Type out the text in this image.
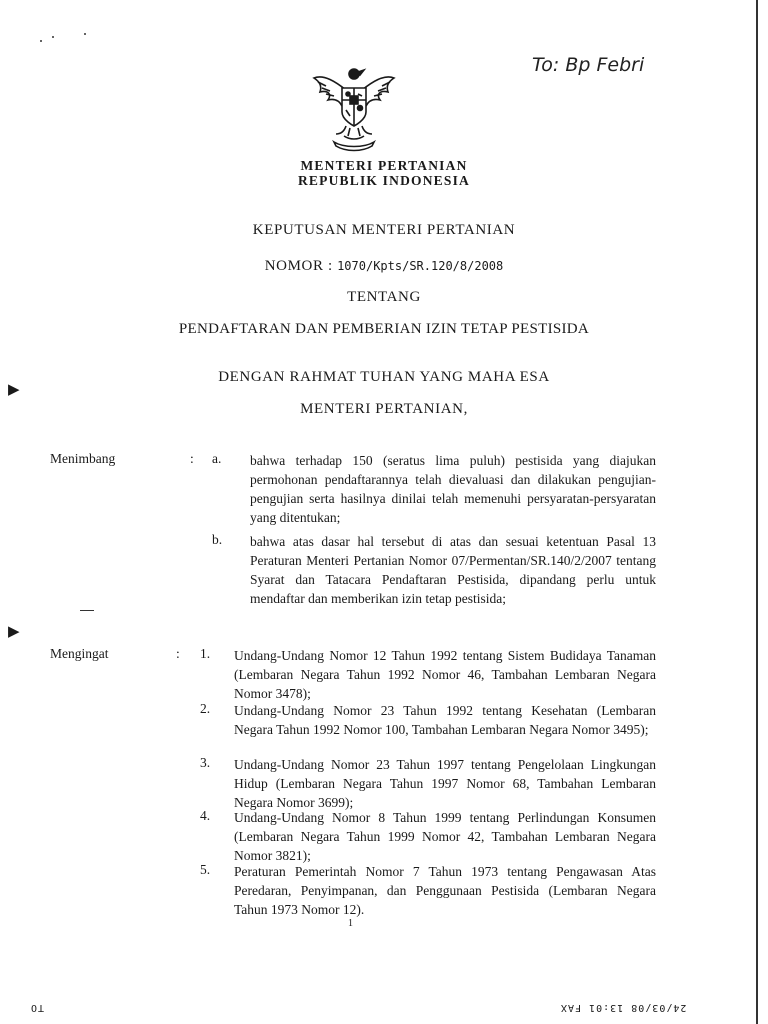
To: Bp Febri
MENTERI PERTANIAN
REPUBLIK INDONESIA
KEPUTUSAN MENTERI PERTANIAN
NOMOR : 1070/Kpts/SR.120/8/2008
TENTANG
PENDAFTARAN DAN PEMBERIAN IZIN TETAP PESTISIDA
DENGAN RAHMAT TUHAN YANG MAHA ESA
MENTERI PERTANIAN,
▶
▶
Menimbang	: a. bahwa terhadap 150 (seratus lima puluh) pestisida yang diajukan permohonan pendaftarannya telah dievaluasi dan dilakukan pengujian-pengujian serta hasilnya dinilai telah memenuhi persyaratan-persyaratan yang ditentukan;
b. bahwa atas dasar hal tersebut di atas dan sesuai ketentuan Pasal 13 Peraturan Menteri Pertanian Nomor 07/Permentan/SR.140/2/2007 tentang Syarat dan Tatacara Pendaftaran Pestisida, dipandang perlu untuk mendaftar dan memberikan izin tetap pestisida;
Mengingat	: 1. Undang-Undang Nomor 12 Tahun 1992 tentang Sistem Budidaya Tanaman (Lembaran Negara Tahun 1992 Nomor 46, Tambahan Lembaran Negara Nomor 3478);
2. Undang-Undang Nomor 23 Tahun 1992 tentang Kesehatan (Lembaran Negara Tahun 1992 Nomor 100, Tambahan Lembaran Negara Nomor 3495);
3. Undang-Undang Nomor 23 Tahun 1997 tentang Pengelolaan Lingkungan Hidup (Lembaran Negara Tahun 1997 Nomor 68, Tambahan Lembaran Negara Nomor 3699);
4. Undang-Undang Nomor 8 Tahun 1999 tentang Perlindungan Konsumen (Lembaran Negara Tahun 1999 Nomor 42, Tambahan Lembaran Negara Nomor 3821);
5. Peraturan Pemerintah Nomor 7 Tahun 1973 tentang Pengawasan Atas Peredaran, Penyimpanan, dan Penggunaan Pestisida (Lembaran Negara Tahun 1973 Nomor 12).
1
TO	24/03/08 13:01 FAX
